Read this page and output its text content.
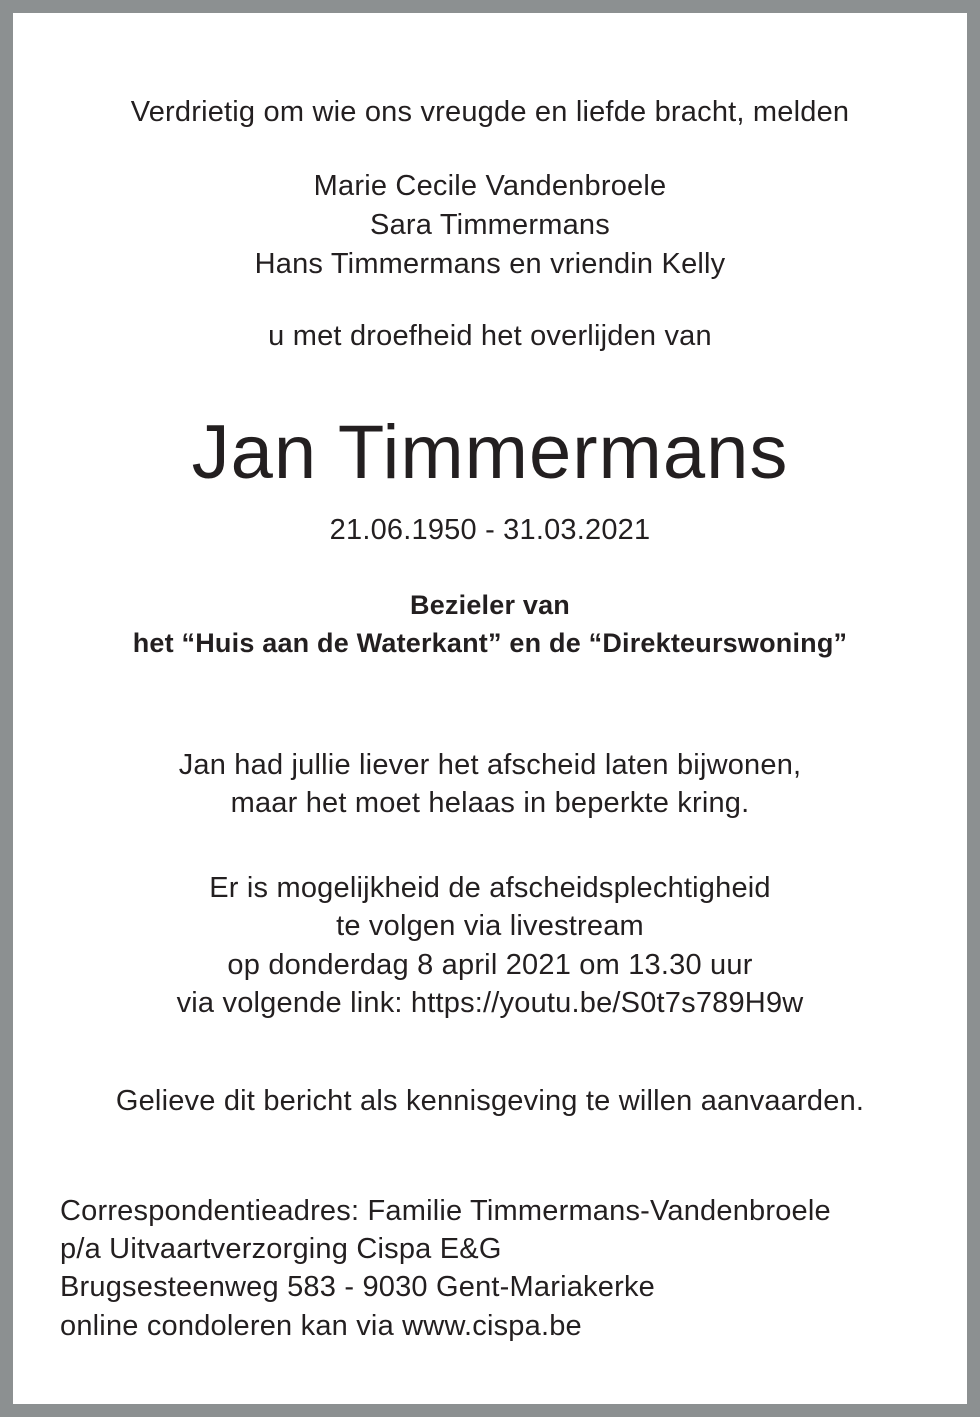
Verdrietig om wie ons vreugde en liefde bracht, melden
Marie Cecile Vandenbroele
Sara Timmermans
Hans Timmermans en vriendin Kelly
u met droefheid het overlijden van
Jan Timmermans
21.06.1950 - 31.03.2021
Bezieler van
het “Huis aan de Waterkant” en de “Direkteurswoning”
Jan had jullie liever het afscheid laten bijwonen,
maar het moet helaas in beperkte kring.
Er is mogelijkheid de afscheidsplechtigheid
te volgen via livestream
op donderdag 8 april 2021 om 13.30 uur
via volgende link: https://youtu.be/S0t7s789H9w
Gelieve dit bericht als kennisgeving te willen aanvaarden.
Correspondentieadres: Familie Timmermans-Vandenbroele
p/a Uitvaartverzorging Cispa E&G
Brugsesteenweg 583 - 9030 Gent-Mariakerke
online condoleren kan via www.cispa.be
